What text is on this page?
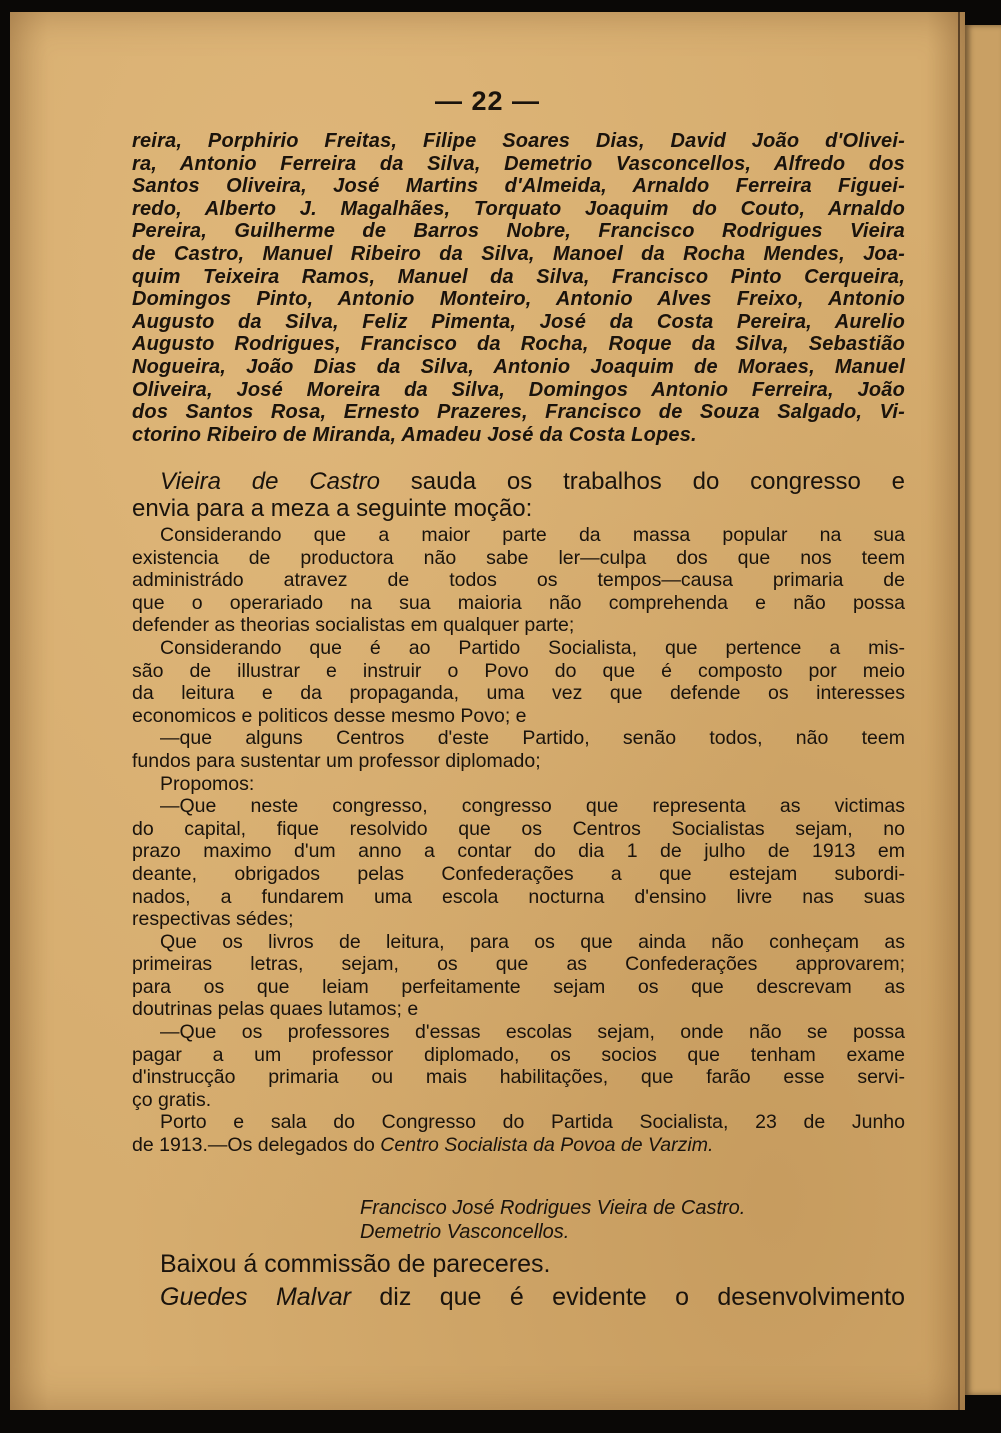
— 22 —
reira, Porphirio Freitas, Filipe Soares Dias, David João d'Olivei-
ra, Antonio Ferreira da Silva, Demetrio Vasconcellos, Alfredo dos
Santos Oliveira, José Martins d'Almeida, Arnaldo Ferreira Figuei-
redo, Alberto J. Magalhães, Torquato Joaquim do Couto, Arnaldo
Pereira, Guilherme de Barros Nobre, Francisco Rodrigues Vieira
de Castro, Manuel Ribeiro da Silva, Manoel da Rocha Mendes, Joa-
quim Teixeira Ramos, Manuel da Silva, Francisco Pinto Cerqueira,
Domingos Pinto, Antonio Monteiro, Antonio Alves Freixo, Antonio
Augusto da Silva, Feliz Pimenta, José da Costa Pereira, Aurelio
Augusto Rodrigues, Francisco da Rocha, Roque da Silva, Sebastião
Nogueira, João Dias da Silva, Antonio Joaquim de Moraes, Manuel
Oliveira, José Moreira da Silva, Domingos Antonio Ferreira, João
dos Santos Rosa, Ernesto Prazeres, Francisco de Souza Salgado, Vi-
ctorino Ribeiro de Miranda, Amadeu José da Costa Lopes.
Vieira de Castro sauda os trabalhos do congresso e
envia para a meza a seguinte moção:
Considerando que a maior parte da massa popular na sua
existencia de productora não sabe ler—culpa dos que nos teem
administrádo atravez de todos os tempos—causa primaria de
que o operariado na sua maioria não comprehenda e não possa
defender as theorias socialistas em qualquer parte;
Considerando que é ao Partido Socialista, que pertence a mis-
são de illustrar e instruir o Povo do que é composto por meio
da leitura e da propaganda, uma vez que defende os interesses
economicos e politicos desse mesmo Povo; e
—que alguns Centros d'este Partido, senão todos, não teem
fundos para sustentar um professor diplomado;
Propomos:
—Que neste congresso, congresso que representa as victimas
do capital, fique resolvido que os Centros Socialistas sejam, no
prazo maximo d'um anno a contar do dia 1 de julho de 1913 em
deante, obrigados pelas Confederações a que estejam subordi-
nados, a fundarem uma escola nocturna d'ensino livre nas suas
respectivas sédes;
Que os livros de leitura, para os que ainda não conheçam as
primeiras letras, sejam, os que as Confederações approvarem;
para os que leiam perfeitamente sejam os que descrevam as
doutrinas pelas quaes lutamos; e
—Que os professores d'essas escolas sejam, onde não se possa
pagar a um professor diplomado, os socios que tenham exame
d'instrucção primaria ou mais habilitações, que farão esse servi-
ço gratis.
Porto e sala do Congresso do Partida Socialista, 23 de Junho
de 1913.—Os delegados do Centro Socialista da Povoa de Varzim.
Francisco José Rodrigues Vieira de Castro.
Demetrio Vasconcellos.
Baixou á commissão de pareceres.
Guedes Malvar diz que é evidente o desenvolvimento
